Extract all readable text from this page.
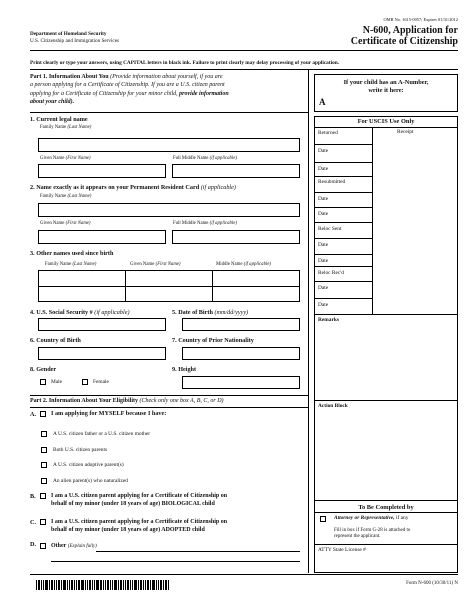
OMB No. 1615-0057; Expires 01/31/2012
Department of Homeland Security
U.S. Citizenship and Immigration Services
N-600, Application for
Certificate of Citizenship
Print clearly or type your answers, using CAPITAL letters in black ink. Failure to print clearly may delay processing of your application.
Part 1. Information About You (Provide information about yourself, if you are
a person applying for a Certificate of Citizenship. If you are a U.S. citizen parent
applying for a Certificate of Citizenship for your minor child, provide information
about your child).
1. Current legal name
Family Name (Last Name)
Given Name (First Name)	Full Middle Name (if applicable)
2. Name exactly as it appears on your Permanent Resident Card (if applicable)
Family Name (Last Name)
Given Name (First Name)	Full Middle Name (if applicable)
3. Other names used since birth
Family Name (Last Name)	Given Name (First Name)	Middle Name (if applicable)
4. U.S. Social Security # (if applicable)	5. Date of Birth (mm/dd/yyyy)
6. Country of Birth	7. Country of Prior Nationality
8. Gender	9. Height
Male	Female
Part 2. Information About Your Eligibility (Check only one box A, B, C, or D)
A. I am applying for MYSELF because I have:
A U.S. citizen father or a U.S. citizen mother
Both U.S. citizen parents
A U.S. citizen adoptive parent(s)
An alien parent(s) who naturalized
B.	I am a U.S. citizen parent applying for a Certificate of Citizenship on
behalf of my minor (under 18 years of age) BIOLOGICAL child
C. I am a U.S. citizen parent applying for a Certificate of Citizenship on
behalf of my minor (under 18 years of age) ADOPTED child
D. Other (Explain fully)
If your child has an A-Number,
write it here:
A
For USCIS Use Only
Returned	Receipt
Date
Date
Resubmitted
Date
Date
Reloc Sent
Date
Date
Reloc Rec'd
Date
Date
Remarks
Action Block
To Be Completed by
Attorney or Representative, if any
Fill in box if Form G-28 is attached to
represent the applicant.
ATTY State License #
Form N-600 (10/30/11) N
